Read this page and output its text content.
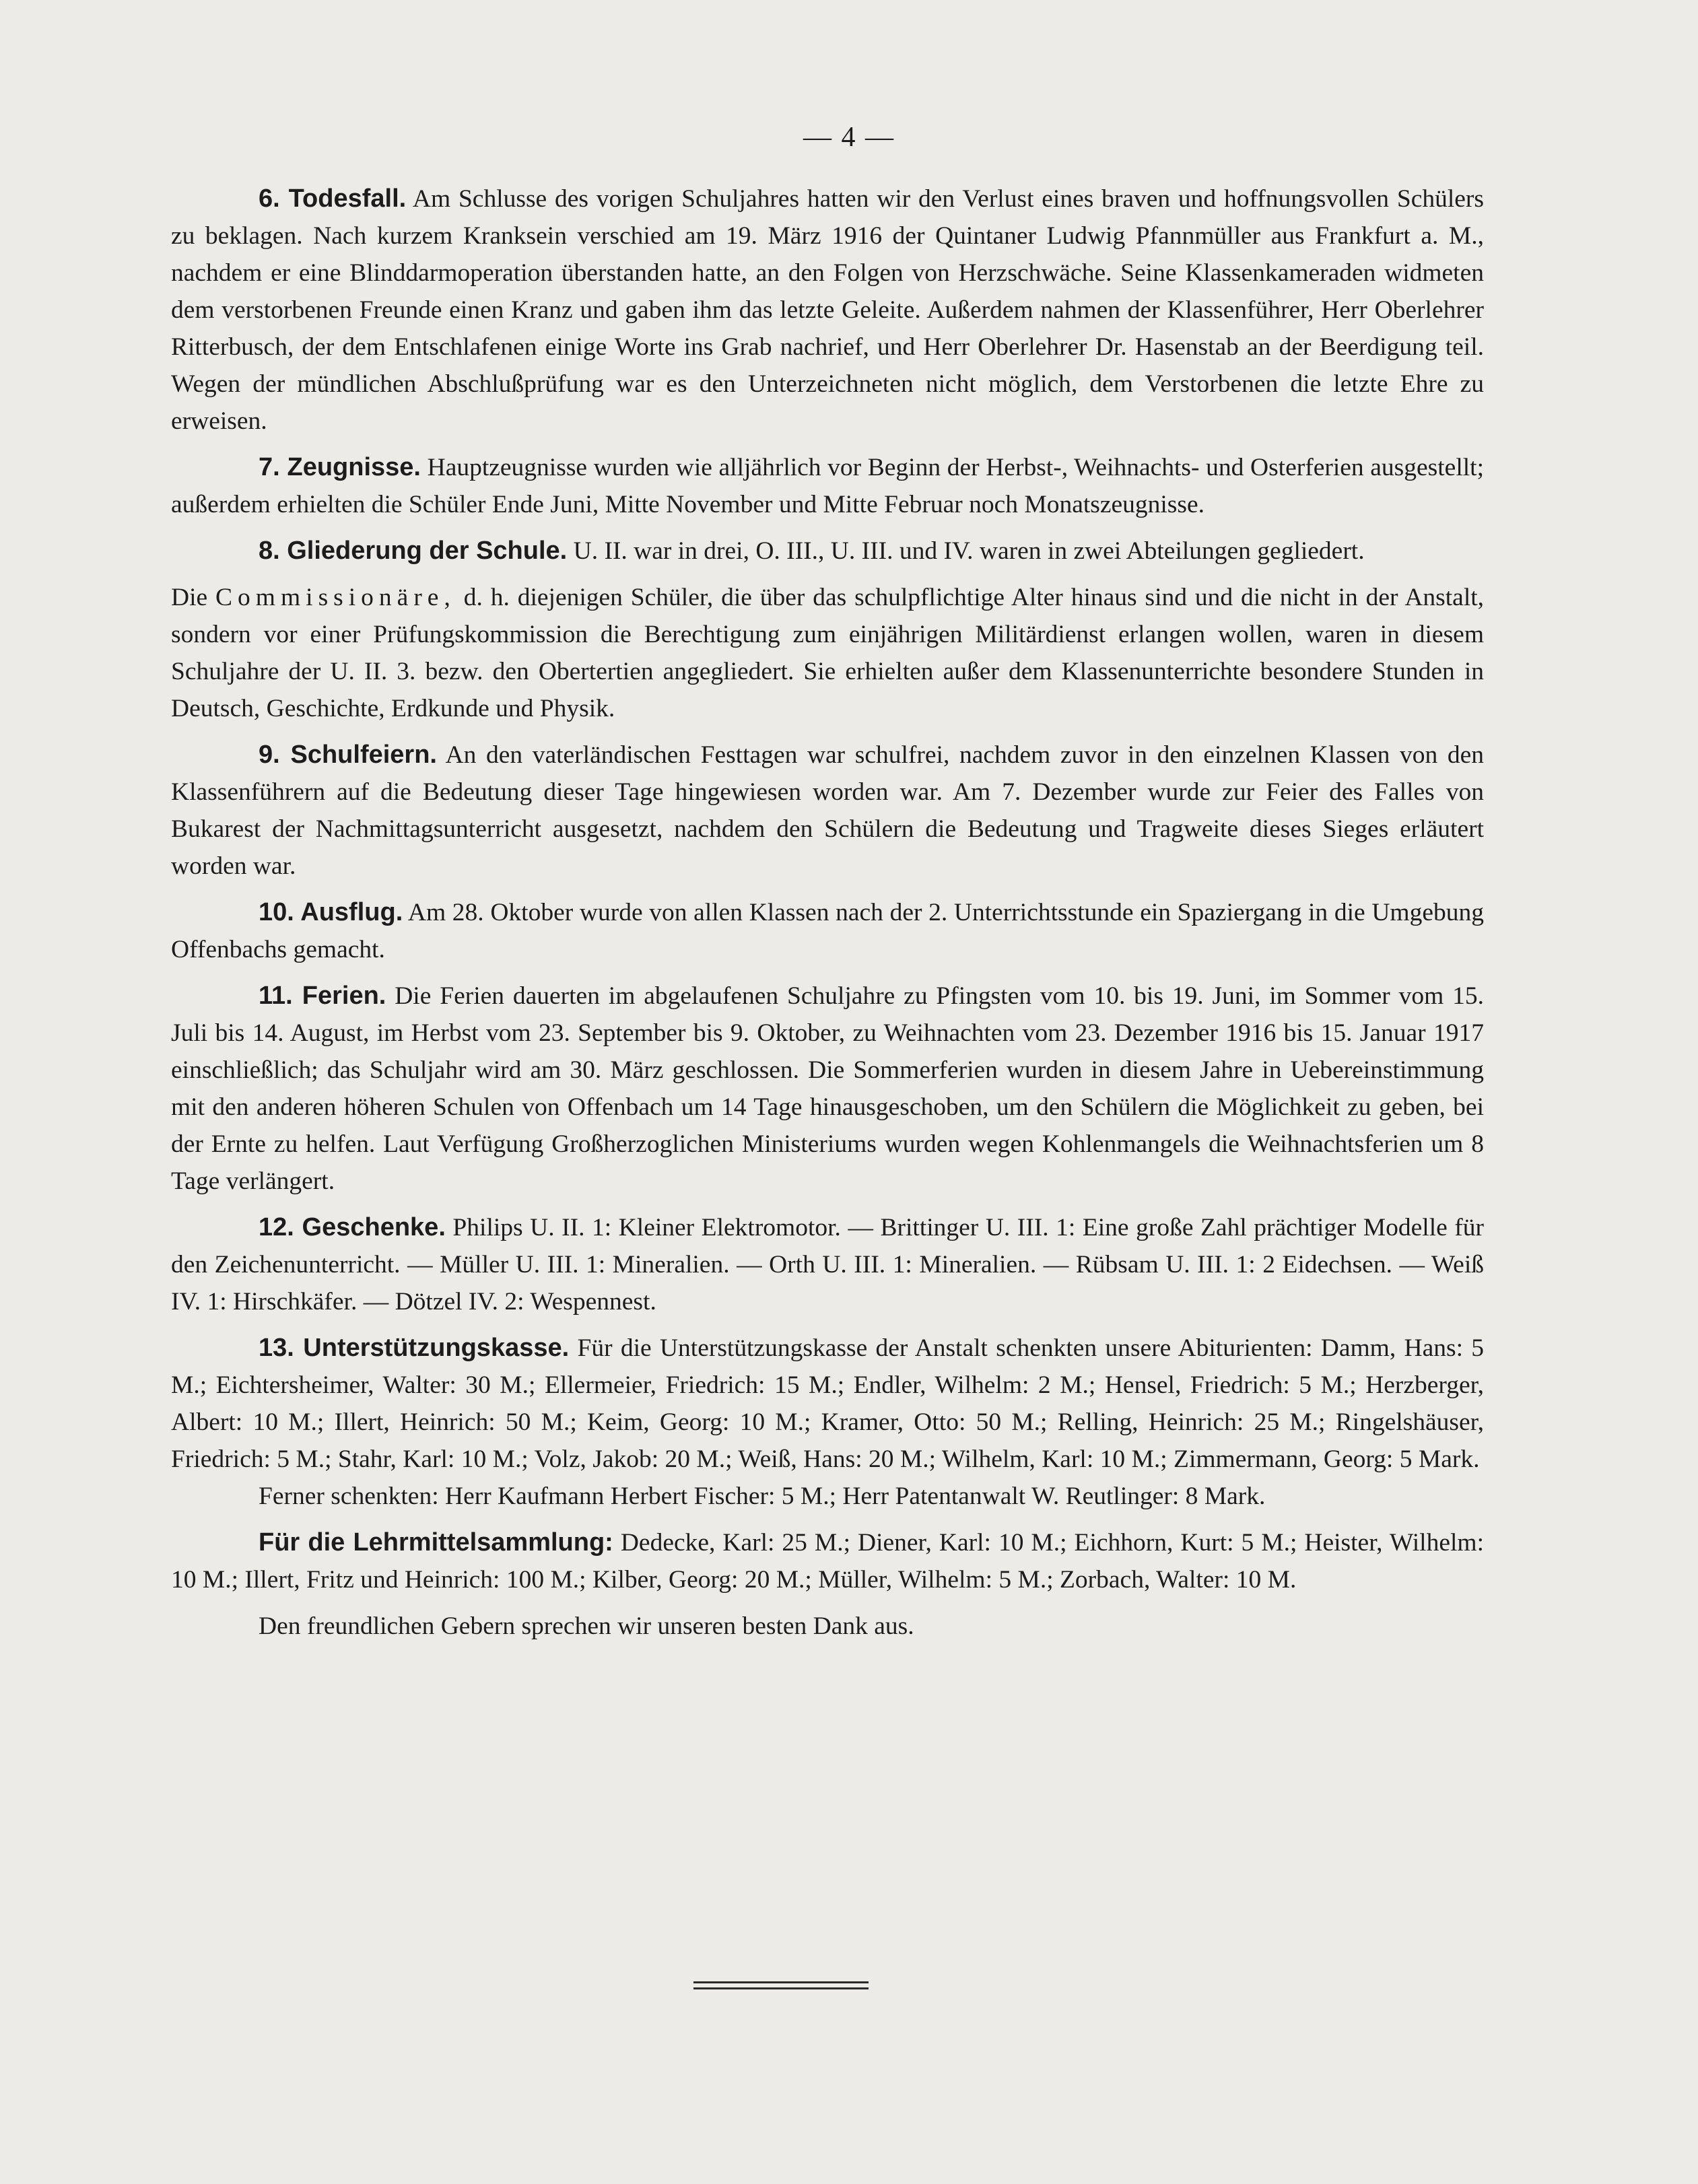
— 4 —

6. Todesfall. Am Schlusse des vorigen Schuljahres hatten wir den Verlust eines braven und hoffnungsvollen Schülers zu beklagen. Nach kurzem Kranksein verschied am 19. März 1916 der Quintaner Ludwig Pfannmüller aus Frankfurt a. M., nachdem er eine Blinddarmoperation überstanden hatte, an den Folgen von Herzschwäche. Seine Klassenkameraden widmeten dem verstorbenen Freunde einen Kranz und gaben ihm das letzte Geleite. Außerdem nahmen der Klassenführer, Herr Oberlehrer Ritterbusch, der dem Entschlafenen einige Worte ins Grab nachrief, und Herr Oberlehrer Dr. Hasenstab an der Beerdigung teil. Wegen der mündlichen Abschlußprüfung war es den Unterzeichneten nicht möglich, dem Verstorbenen die letzte Ehre zu erweisen.

7. Zeugnisse. Hauptzeugnisse wurden wie alljährlich vor Beginn der Herbst-, Weihnachts- und Osterferien ausgestellt; außerdem erhielten die Schüler Ende Juni, Mitte November und Mitte Februar noch Monatszeugnisse.

8. Gliederung der Schule. U. II. war in drei, O. III., U. III. und IV. waren in zwei Abteilungen gegliedert.

Die Commissionäre, d. h. diejenigen Schüler, die über das schulpflichtige Alter hinaus sind und die nicht in der Anstalt, sondern vor einer Prüfungskommission die Berechtigung zum einjährigen Militärdienst erlangen wollen, waren in diesem Schuljahre der U. II. 3. bezw. den Obertertien angegliedert. Sie erhielten außer dem Klassenunterrichte besondere Stunden in Deutsch, Geschichte, Erdkunde und Physik.

9. Schulfeiern. An den vaterländischen Festtagen war schulfrei, nachdem zuvor in den einzelnen Klassen von den Klassenführern auf die Bedeutung dieser Tage hingewiesen worden war. Am 7. Dezember wurde zur Feier des Falles von Bukarest der Nachmittagsunterricht ausgesetzt, nachdem den Schülern die Bedeutung und Tragweite dieses Sieges erläutert worden war.

10. Ausflug. Am 28. Oktober wurde von allen Klassen nach der 2. Unterrichtsstunde ein Spaziergang in die Umgebung Offenbachs gemacht.

11. Ferien. Die Ferien dauerten im abgelaufenen Schuljahre zu Pfingsten vom 10. bis 19. Juni, im Sommer vom 15. Juli bis 14. August, im Herbst vom 23. September bis 9. Oktober, zu Weihnachten vom 23. Dezember 1916 bis 15. Januar 1917 einschließlich; das Schuljahr wird am 30. März geschlossen. Die Sommerferien wurden in diesem Jahre in Uebereinstimmung mit den anderen höheren Schulen von Offenbach um 14 Tage hinausgeschoben, um den Schülern die Möglichkeit zu geben, bei der Ernte zu helfen. Laut Verfügung Großherzoglichen Ministeriums wurden wegen Kohlenmangels die Weihnachtsferien um 8 Tage verlängert.

12. Geschenke. Philips U. II. 1: Kleiner Elektromotor. — Brittinger U. III. 1: Eine große Zahl prächtiger Modelle für den Zeichenunterricht. — Müller U. III. 1: Mineralien. — Orth U. III. 1: Mineralien. — Rübsam U. III. 1: 2 Eidechsen. — Weiß IV. 1: Hirschkäfer. — Dötzel IV. 2: Wespennest.

13. Unterstützungskasse. Für die Unterstützungskasse der Anstalt schenkten unsere Abiturienten: Damm, Hans: 5 M.; Eichtersheimer, Walter: 30 M.; Ellermeier, Friedrich: 15 M.; Endler, Wilhelm: 2 M.; Hensel, Friedrich: 5 M.; Herzberger, Albert: 10 M.; Illert, Heinrich: 50 M.; Keim, Georg: 10 M.; Kramer, Otto: 50 M.; Relling, Heinrich: 25 M.; Ringelshäuser, Friedrich: 5 M.; Stahr, Karl: 10 M.; Volz, Jakob: 20 M.; Weiß, Hans: 20 M.; Wilhelm, Karl: 10 M.; Zimmermann, Georg: 5 Mark.

Ferner schenkten: Herr Kaufmann Herbert Fischer: 5 M.; Herr Patentanwalt W. Reutlinger: 8 Mark.

Für die Lehrmittelsammlung: Dedecke, Karl: 25 M.; Diener, Karl: 10 M.; Eichhorn, Kurt: 5 M.; Heister, Wilhelm: 10 M.; Illert, Fritz und Heinrich: 100 M.; Kilber, Georg: 20 M.; Müller, Wilhelm: 5 M.; Zorbach, Walter: 10 M.

Den freundlichen Gebern sprechen wir unseren besten Dank aus.
